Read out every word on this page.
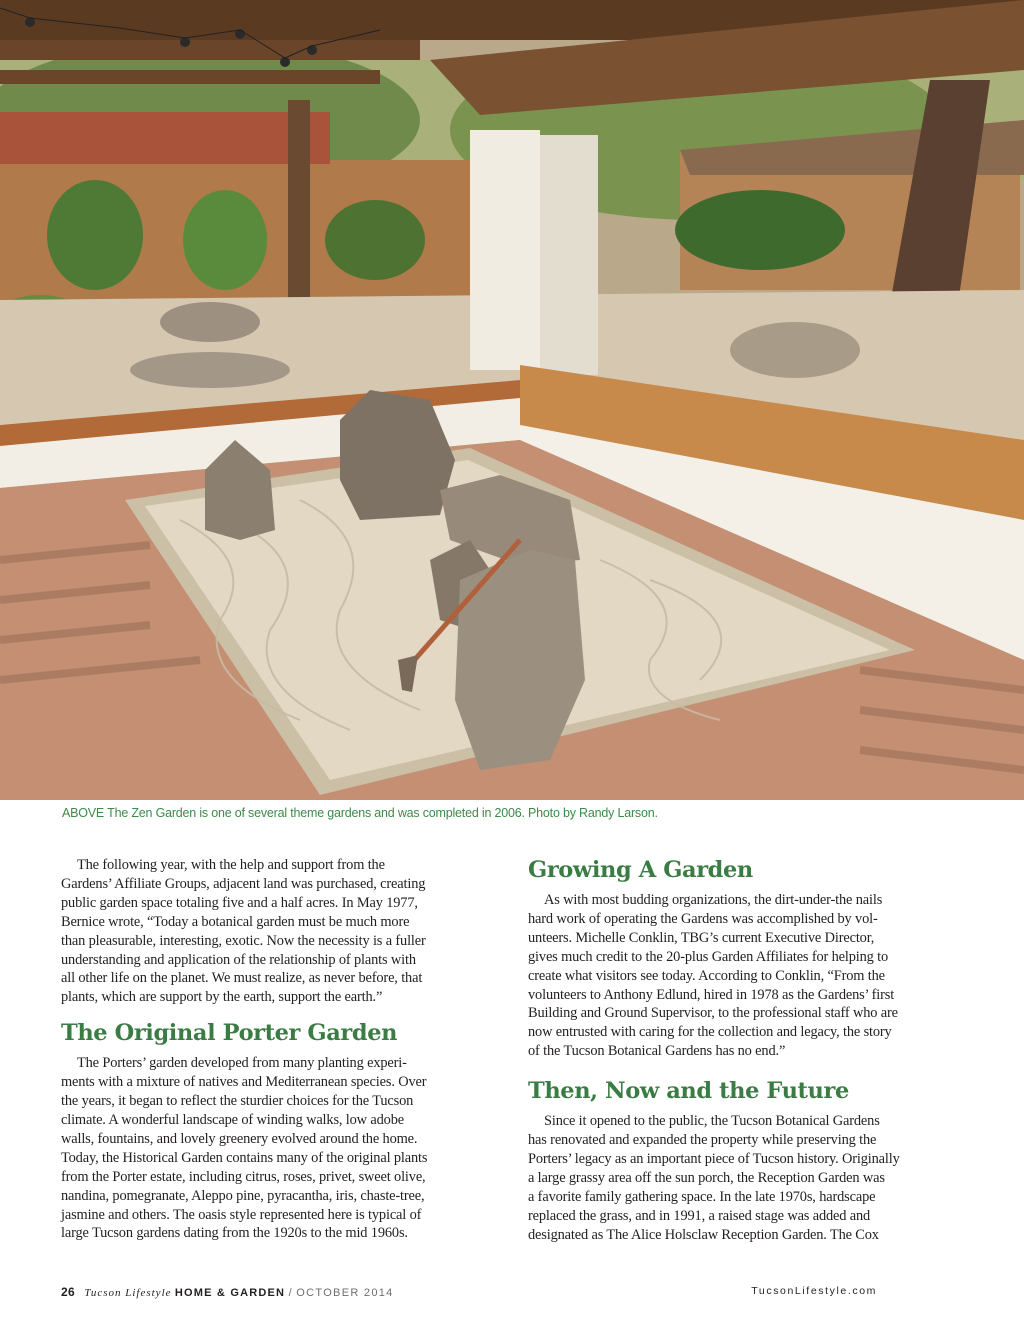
ABOVE The Zen Garden is one of several theme gardens and was completed in 2006. Photo by Randy Larson.

The following year, with the help and support from the
Gardens’ Affiliate Groups, adjacent land was purchased, creating
public garden space totaling five and a half acres. In May 1977,
Bernice wrote, “Today a botanical garden must be much more
than pleasurable, interesting, exotic. Now the necessity is a fuller
understanding and application of the relationship of plants with
all other life on the planet. We must realize, as never before, that
plants, which are support by the earth, support the earth.”

The Original Porter Garden

The Porters’ garden developed from many planting experi-
ments with a mixture of natives and Mediterranean species. Over
the years, it began to reflect the sturdier choices for the Tucson
climate. A wonderful landscape of winding walks, low adobe
walls, fountains, and lovely greenery evolved around the home.
Today, the Historical Garden contains many of the original plants
from the Porter estate, including citrus, roses, privet, sweet olive,
nandina, pomegranate, Aleppo pine, pyracantha, iris, chaste-tree,
jasmine and others. The oasis style represented here is typical of
large Tucson gardens dating from the 1920s to the mid 1960s.

Growing A Garden

As with most budding organizations, the dirt-under-the nails
hard work of operating the Gardens was accomplished by vol-
unteers. Michelle Conklin, TBG’s current Executive Director,
gives much credit to the 20-plus Garden Affiliates for helping to
create what visitors see today. According to Conklin, “From the
volunteers to Anthony Edlund, hired in 1978 as the Gardens’ first
Building and Ground Supervisor, to the professional staff who are
now entrusted with caring for the collection and legacy, the story
of the Tucson Botanical Gardens has no end.”

Then, Now and the Future

Since it opened to the public, the Tucson Botanical Gardens
has renovated and expanded the property while preserving the
Porters’ legacy as an important piece of Tucson history. Originally
a large grassy area off the sun porch, the Reception Garden was
a favorite family gathering space. In the late 1970s, hardscape
replaced the grass, and in 1991, a raised stage was added and
designated as The Alice Holsclaw Reception Garden. The Cox

26 Tucson Lifestyle HOME & GARDEN / OCTOBER 2014	TucsonLifestyle.com
